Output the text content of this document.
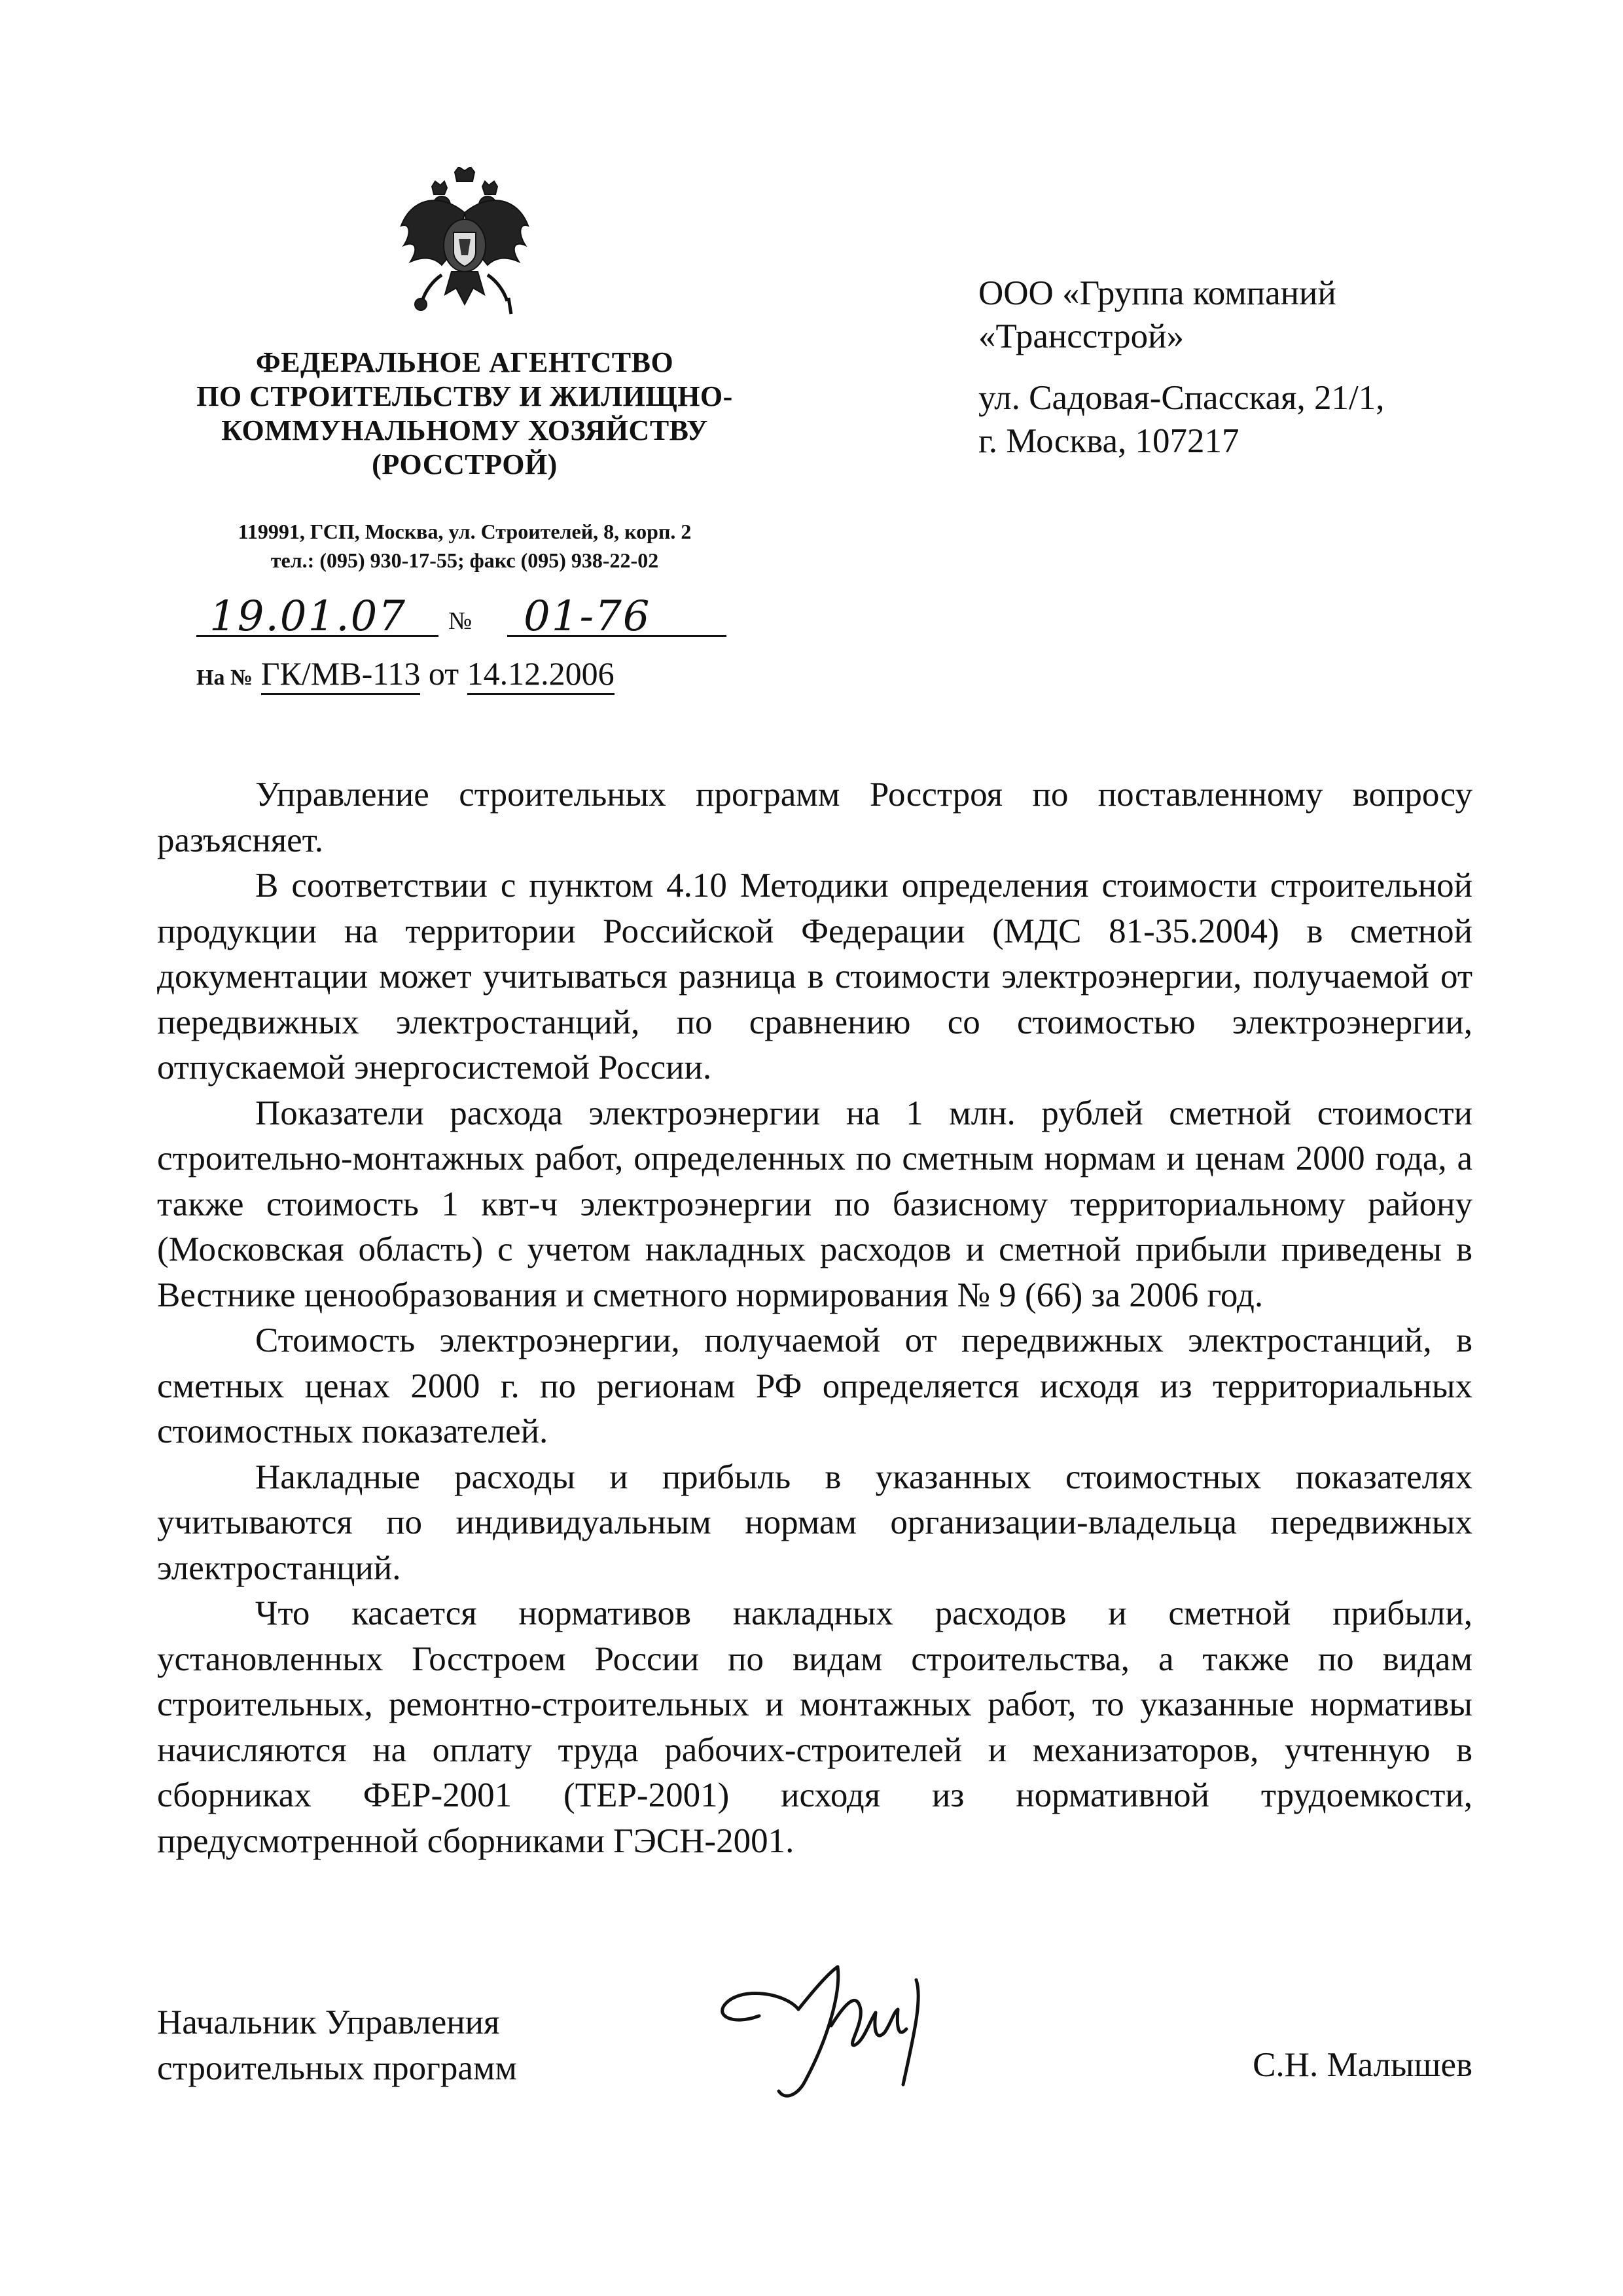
ФЕДЕРАЛЬНОЕ АГЕНТСТВО
ПО СТРОИТЕЛЬСТВУ И ЖИЛИЩНО-
КОММУНАЛЬНОМУ ХОЗЯЙСТВУ
(РОССТРОЙ)
119991, ГСП, Москва, ул. Строителей, 8, корп. 2
тел.: (095) 930-17-55; факс (095) 938-22-02
19.01.07 № 01-76
На № ГК/МВ-113 от 14.12.2006
ООО «Группа компаний
«Трансстрой»
ул. Садовая-Спасская, 21/1,
г. Москва, 107217

Управление строительных программ Росстроя по поставленному вопросу разъясняет.

В соответствии с пунктом 4.10 Методики определения стоимости строительной продукции на территории Российской Федерации (МДС 81-35.2004) в сметной документации может учитываться разница в стоимости электроэнергии, получаемой от передвижных электростанций, по сравнению со стоимостью электроэнергии, отпускаемой энергосистемой России.

Показатели расхода электроэнергии на 1 млн. рублей сметной стоимости строительно-монтажных работ, определенных по сметным нормам и ценам 2000 года, а также стоимость 1 квт-ч электроэнергии по базисному территориальному району (Московская область) с учетом накладных расходов и сметной прибыли приведены в Вестнике ценообразования и сметного нормирования № 9 (66) за 2006 год.

Стоимость электроэнергии, получаемой от передвижных электростанций, в сметных ценах 2000 г. по регионам РФ определяется исходя из территориальных стоимостных показателей.

Накладные расходы и прибыль в указанных стоимостных показателях учитываются по индивидуальным нормам организации-владельца передвижных электростанций.

Что касается нормативов накладных расходов и сметной прибыли, установленных Госстроем России по видам строительства, а также по видам строительных, ремонтно-строительных и монтажных работ, то указанные нормативы начисляются на оплату труда рабочих-строителей и механизаторов, учтенную в сборниках ФЕР-2001 (ТЕР-2001) исходя из нормативной трудоемкости, предусмотренной сборниками ГЭСН-2001.

Начальник Управления
строительных программ	С.Н. Малышев
